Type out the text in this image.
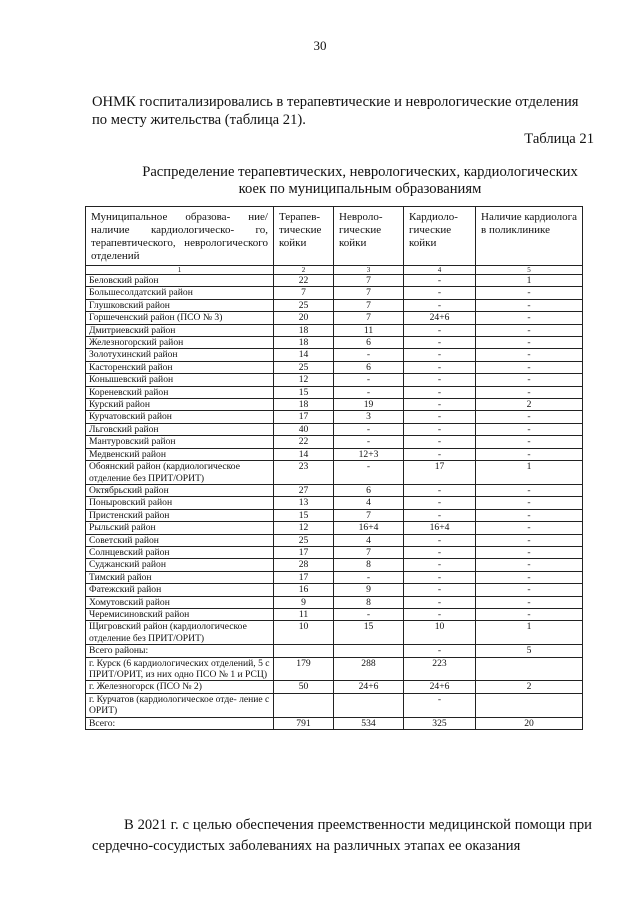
30
ОНМК госпитализировались в терапевтические и неврологические отделения по месту жительства (таблица 21).
Таблица 21
Распределение терапевтических, неврологических, кардиологических
коек по муниципальным образованиям
Муниципальное образова- ние/наличие кардиологическо- го, терапевтического, неврологического отделений	Терапев- тические койки	Невроло- гические койки	Кардиоло- гические койки	Наличие кардиолога в поликлинике
1	2	3	4	5
Беловский район	22	7	-	1
Большесолдатский район	7	7	-	-
Глушковский район	25	7	-	-
Горшеченский район (ПСО № 3)	20	7	24+6	-
Дмитриевский район	18	11	-	-
Железногорский район	18	6	-	-
Золотухинский район	14	-	-	-
Касторенский район	25	6	-	-
Конышевский район	12	-	-	-
Кореневский район	15	-	-	-
Курский район	18	19	-	2
Курчатовский район	17	3	-	-
Льговский район	40	-	-	-
Мантуровский район	22	-	-	-
Медвенский район	14	12+3	-	-
Обоянский район (кардиологическое отделение без ПРИТ/ОРИТ)	23	-	17	1
Октябрьский район	27	6	-	-
Поныровский район	13	4	-	-
Пристенский район	15	7	-	-
Рыльский район	12	16+4	16+4	-
Советский район	25	4	-	-
Солнцевский район	17	7	-	-
Суджанский район	28	8	-	-
Тимский район	17	-	-	-
Фатежский район	16	9	-	-
Хомутовский район	9	8	-	-
Черемисиновский район	11	-	-	-
Щигровский район (кардиологическое отделение без ПРИТ/ОРИТ)	10	15	10	1
Всего районы:			-	5
г. Курск (6 кардиологических отделений, 5 с ПРИТ/ОРИТ, из них одно ПСО № 1 и РСЦ)	179	288	223	
г. Железногорск (ПСО № 2)	50	24+6	24+6	2
г. Курчатов (кардиологическое отде- ление с ОРИТ)			-	
Всего:	791	534	325	20
В 2021 г. с целью обеспечения преемственности медицинской помощи при сердечно-сосудистых заболеваниях на различных этапах ее оказания
